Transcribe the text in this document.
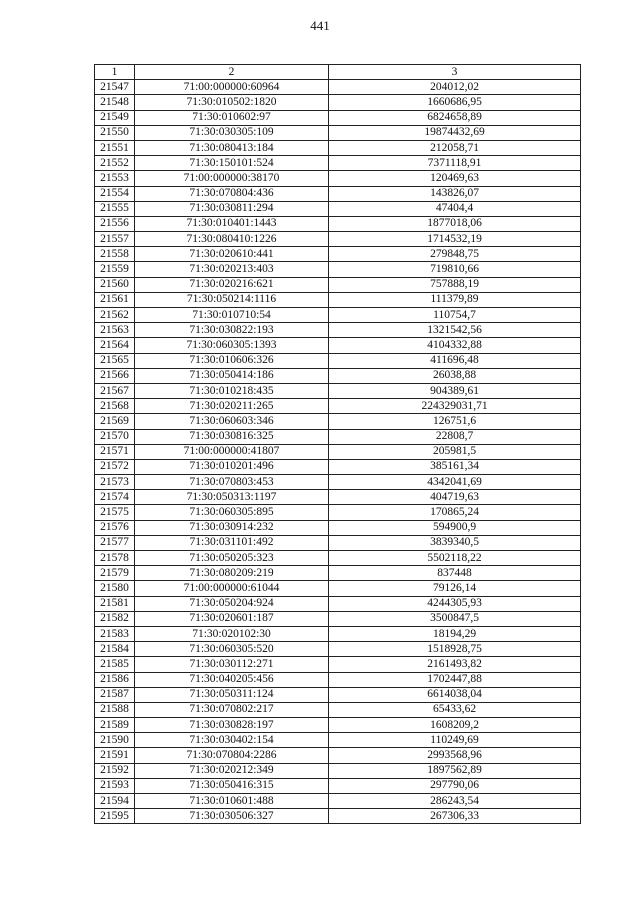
441
1	2	3
21547	71:00:000000:60964	204012,02
21548	71:30:010502:1820	1660686,95
21549	71:30:010602:97	6824658,89
21550	71:30:030305:109	19874432,69
21551	71:30:080413:184	212058,71
21552	71:30:150101:524	7371118,91
21553	71:00:000000:38170	120469,63
21554	71:30:070804:436	143826,07
21555	71:30:030811:294	47404,4
21556	71:30:010401:1443	1877018,06
21557	71:30:080410:1226	1714532,19
21558	71:30:020610:441	279848,75
21559	71:30:020213:403	719810,66
21560	71:30:020216:621	757888,19
21561	71:30:050214:1116	111379,89
21562	71:30:010710:54	110754,7
21563	71:30:030822:193	1321542,56
21564	71:30:060305:1393	4104332,88
21565	71:30:010606:326	411696,48
21566	71:30:050414:186	26038,88
21567	71:30:010218:435	904389,61
21568	71:30:020211:265	224329031,71
21569	71:30:060603:346	126751,6
21570	71:30:030816:325	22808,7
21571	71:00:000000:41807	205981,5
21572	71:30:010201:496	385161,34
21573	71:30:070803:453	4342041,69
21574	71:30:050313:1197	404719,63
21575	71:30:060305:895	170865,24
21576	71:30:030914:232	594900,9
21577	71:30:031101:492	3839340,5
21578	71:30:050205:323	5502118,22
21579	71:30:080209:219	837448
21580	71:00:000000:61044	79126,14
21581	71:30:050204:924	4244305,93
21582	71:30:020601:187	3500847,5
21583	71:30:020102:30	18194,29
21584	71:30:060305:520	1518928,75
21585	71:30:030112:271	2161493,82
21586	71:30:040205:456	1702447,88
21587	71:30:050311:124	6614038,04
21588	71:30:070802:217	65433,62
21589	71:30:030828:197	1608209,2
21590	71:30:030402:154	110249,69
21591	71:30:070804:2286	2993568,96
21592	71:30:020212:349	1897562,89
21593	71:30:050416:315	297790,06
21594	71:30:010601:488	286243,54
21595	71:30:030506:327	267306,33
